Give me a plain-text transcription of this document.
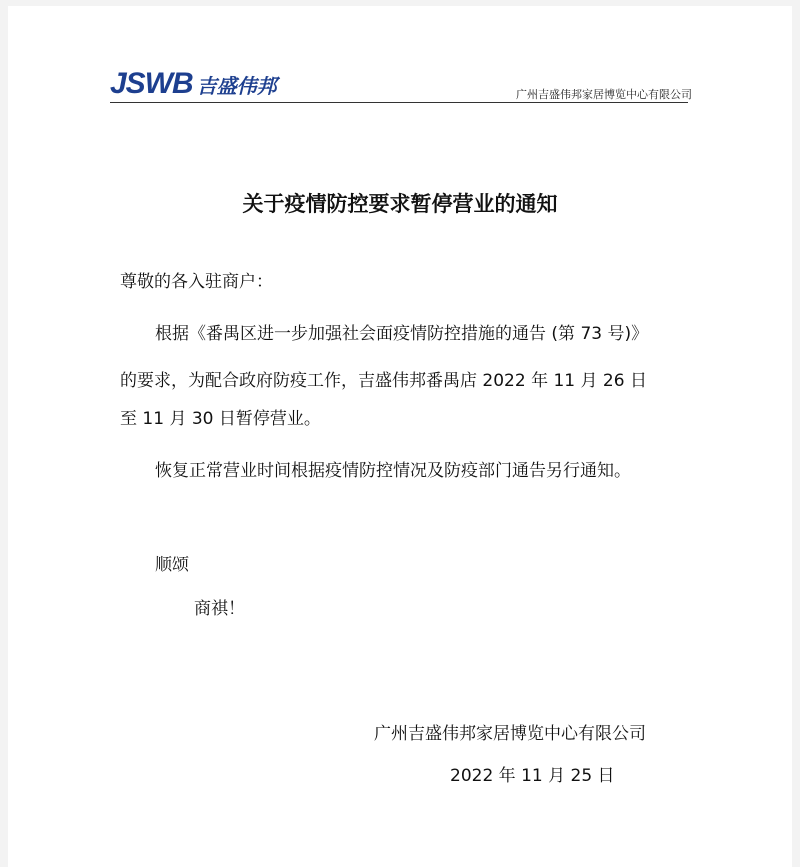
JSWB 吉盛伟邦	广州吉盛伟邦家居博览中心有限公司
关于疫情防控要求暂停营业的通知
尊敬的各入驻商户：
根据《番禺区进一步加强社会面疫情防控措施的通告 (第 73 号)》
的要求，为配合政府防疫工作，吉盛伟邦番禺店 2022 年 11 月 26 日
至 11 月 30 日暂停营业。
恢复正常营业时间根据疫情防控情况及防疫部门通告另行通知。
顺颂
商祺！
广州吉盛伟邦家居博览中心有限公司
2022 年 11 月 25 日
